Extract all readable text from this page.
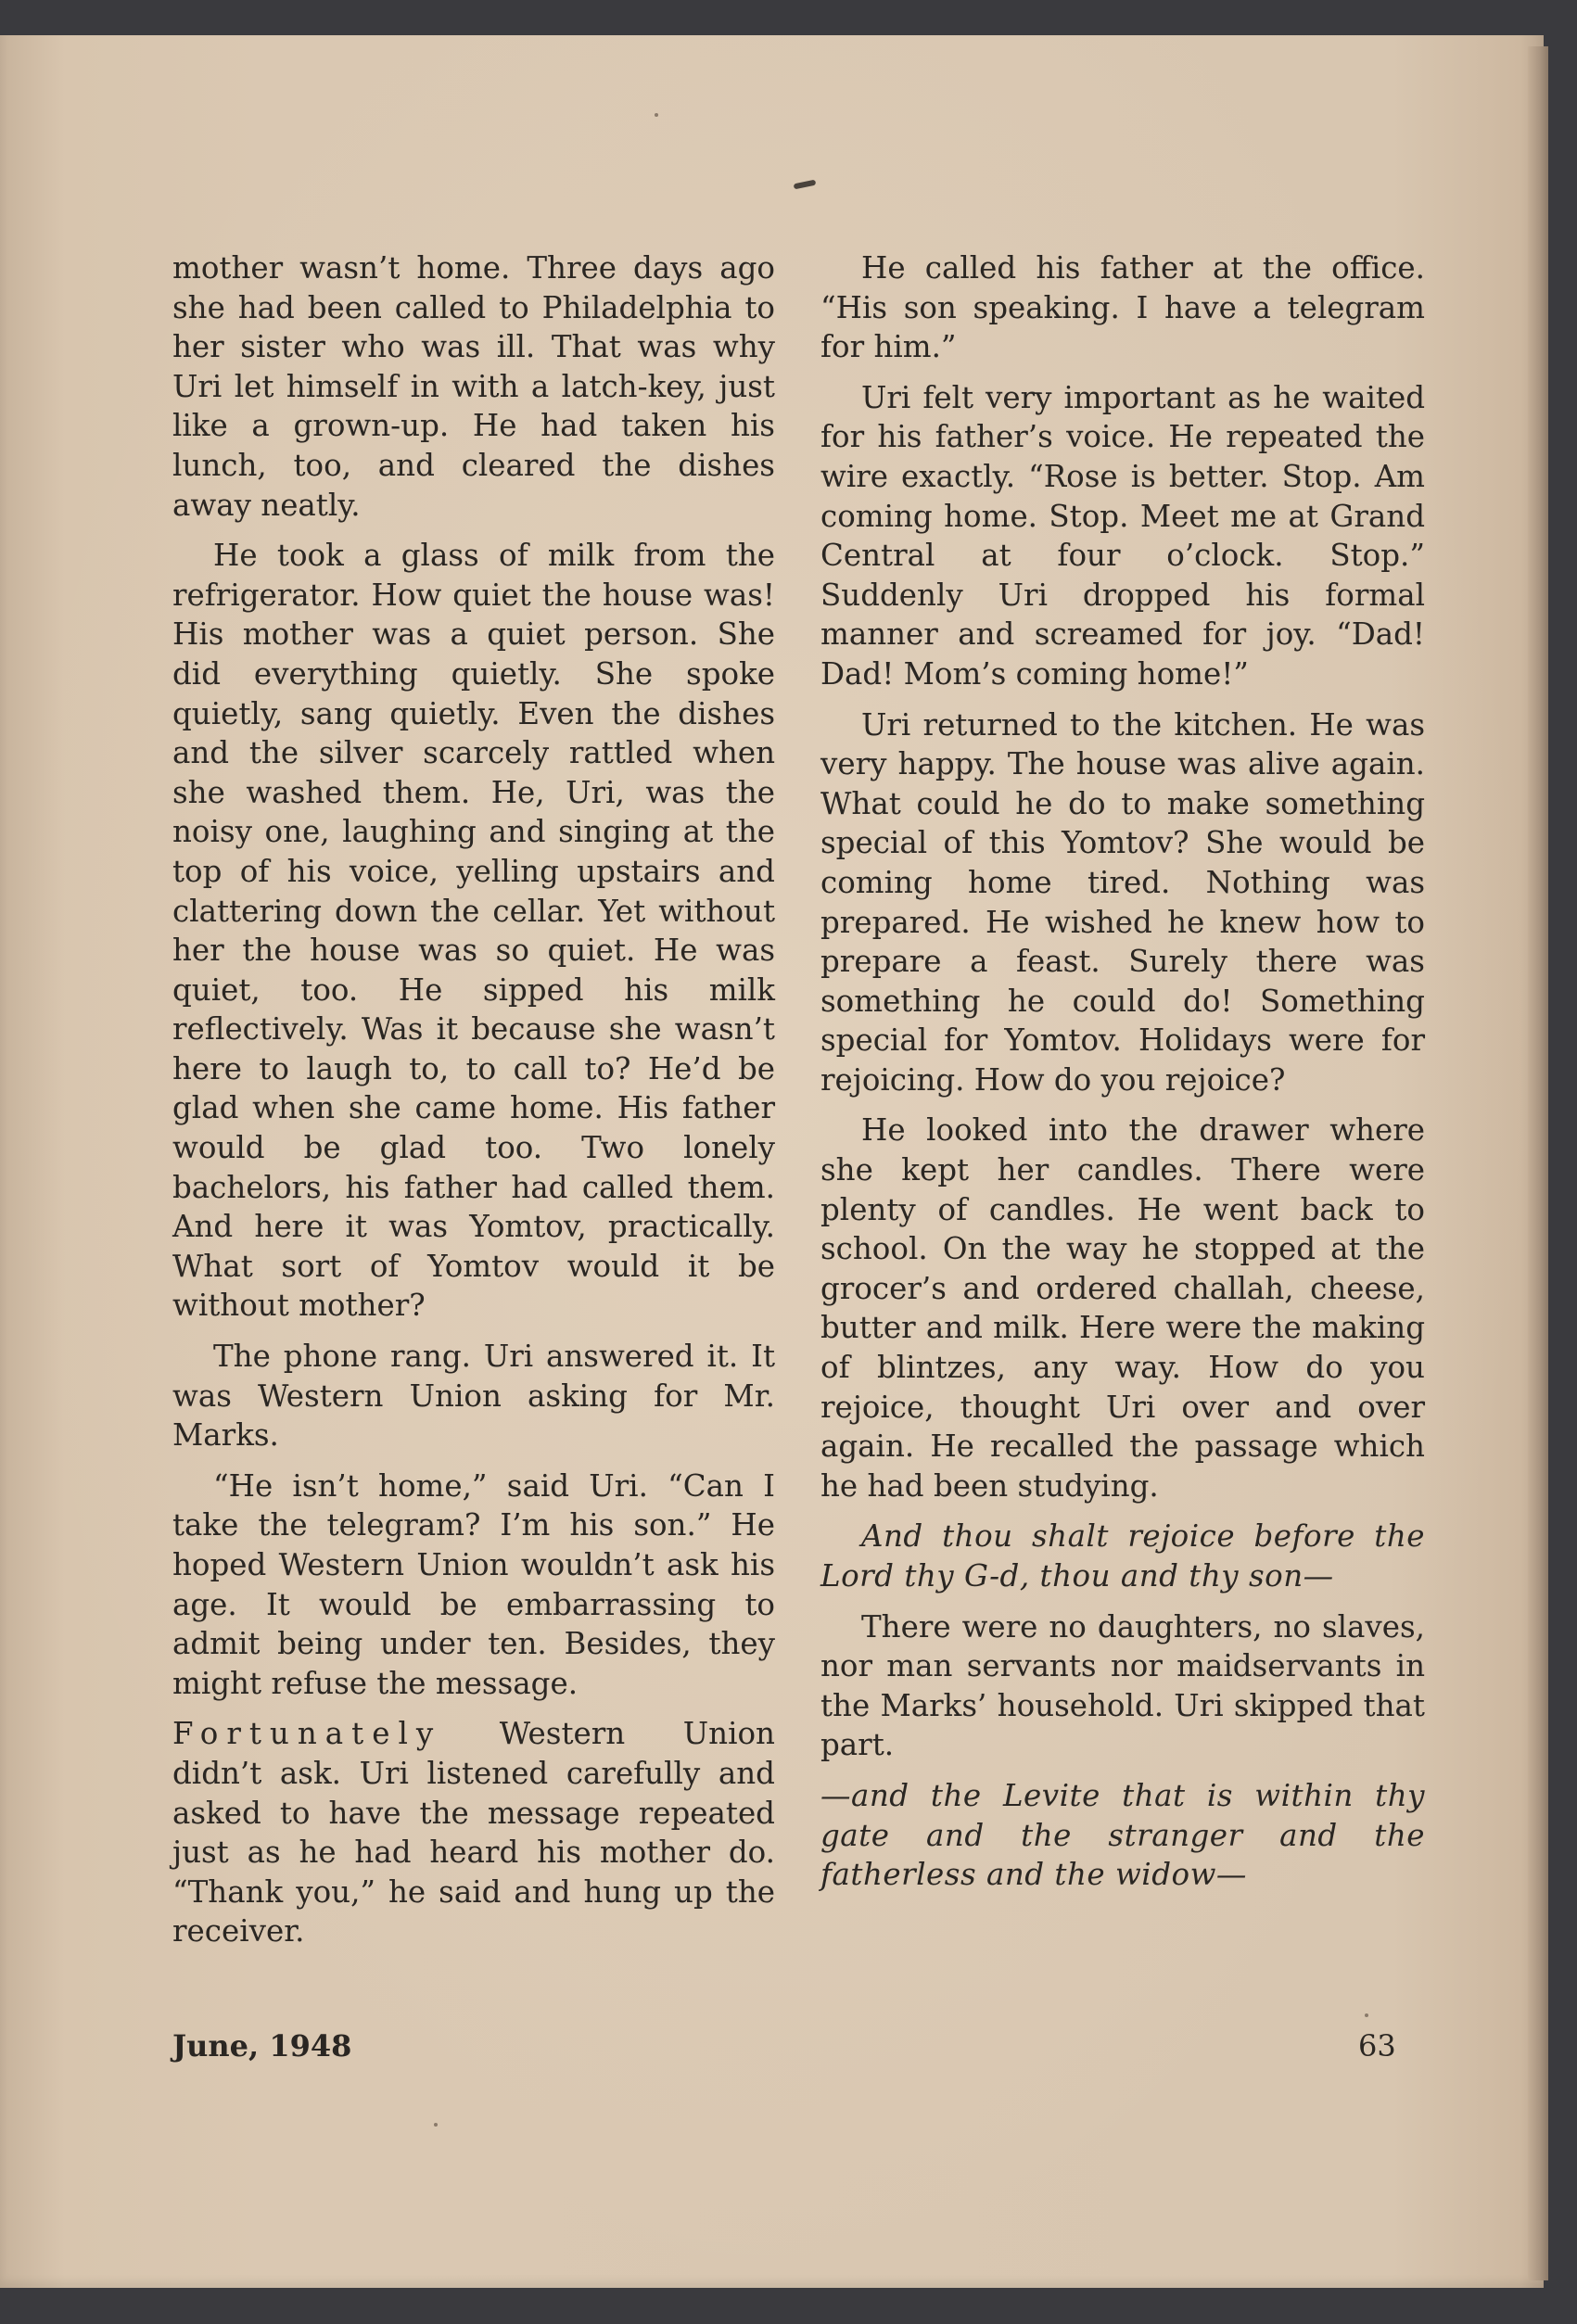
mother wasn’t home. Three days ago she had been called to Philadelphia to her sister who was ill. That was why Uri let himself in with a latch-key, just like a grown-up. He had taken his lunch, too, and cleared the dishes away neatly.

He took a glass of milk from the refrigerator. How quiet the house was! His mother was a quiet person. She did everything quietly. She spoke quietly, sang quietly. Even the dishes and the silver scarcely rattled when she washed them. He, Uri, was the noisy one, laughing and singing at the top of his voice, yelling upstairs and clattering down the cellar. Yet without her the house was so quiet. He was quiet, too. He sipped his milk reflectively. Was it because she wasn’t here to laugh to, to call to? He’d be glad when she came home. His father would be glad too. Two lonely bachelors, his father had called them. And here it was Yomtov, practically. What sort of Yomtov would it be without mother?

The phone rang. Uri answered it. It was Western Union asking for Mr. Marks.

“He isn’t home,” said Uri. “Can I take the telegram? I’m his son.” He hoped Western Union wouldn’t ask his age. It would be embarrassing to admit being under ten. Besides, they might refuse the message.

Fortunately Western Union didn’t ask. Uri listened carefully and asked to have the message repeated just as he had heard his mother do. “Thank you,” he said and hung up the receiver.

He called his father at the office. “His son speaking. I have a telegram for him.”

Uri felt very important as he waited for his father’s voice. He repeated the wire exactly. “Rose is better. Stop. Am coming home. Stop. Meet me at Grand Central at four o’clock. Stop.” Suddenly Uri dropped his formal manner and screamed for joy. “Dad! Dad! Mom’s coming home!”

Uri returned to the kitchen. He was very happy. The house was alive again. What could he do to make something special of this Yomtov? She would be coming home tired. Nothing was prepared. He wished he knew how to prepare a feast. Surely there was something he could do! Something special for Yomtov. Holidays were for rejoicing. How do you rejoice?

He looked into the drawer where she kept her candles. There were plenty of candles. He went back to school. On the way he stopped at the grocer’s and ordered challah, cheese, butter and milk. Here were the making of blintzes, any way. How do you rejoice, thought Uri over and over again. He recalled the passage which he had been studying.

And thou shalt rejoice before the Lord thy G-d, thou and thy son—

There were no daughters, no slaves, nor man servants nor maidservants in the Marks’ household. Uri skipped that part.

—and the Levite that is within thy gate and the stranger and the fatherless and the widow—

June, 1948	63
